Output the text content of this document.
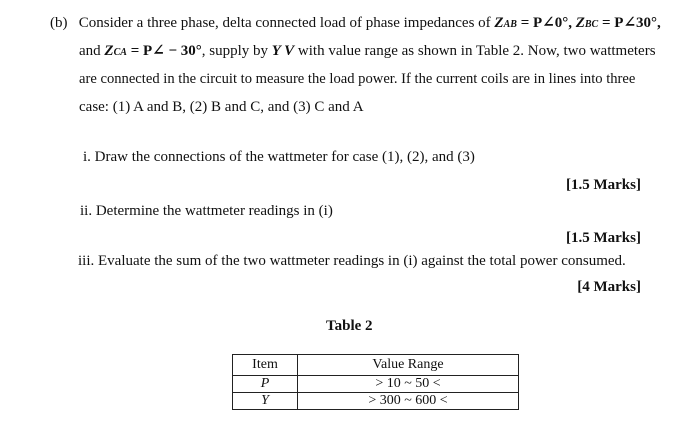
(b) Consider a three phase, delta connected load of phase impedances of ZAB = P∠0°, ZBC = P∠30°,
and ZCA = P∠ − 30°, supply by Y V with value range as shown in Table 2. Now, two wattmeters
are connected in the circuit to measure the load power. If the current coils are in lines into three
case: (1) A and B, (2) B and C, and (3) C and A
i. Draw the connections of the wattmeter for case (1), (2), and (3)
[1.5 Marks]
ii. Determine the wattmeter readings in (i)
[1.5 Marks]
iii. Evaluate the sum of the two wattmeter readings in (i) against the total power consumed.
[4 Marks]
Table 2
Item	Value Range
P	> 10 ~ 50 <
Y	> 300 ~ 600 <
